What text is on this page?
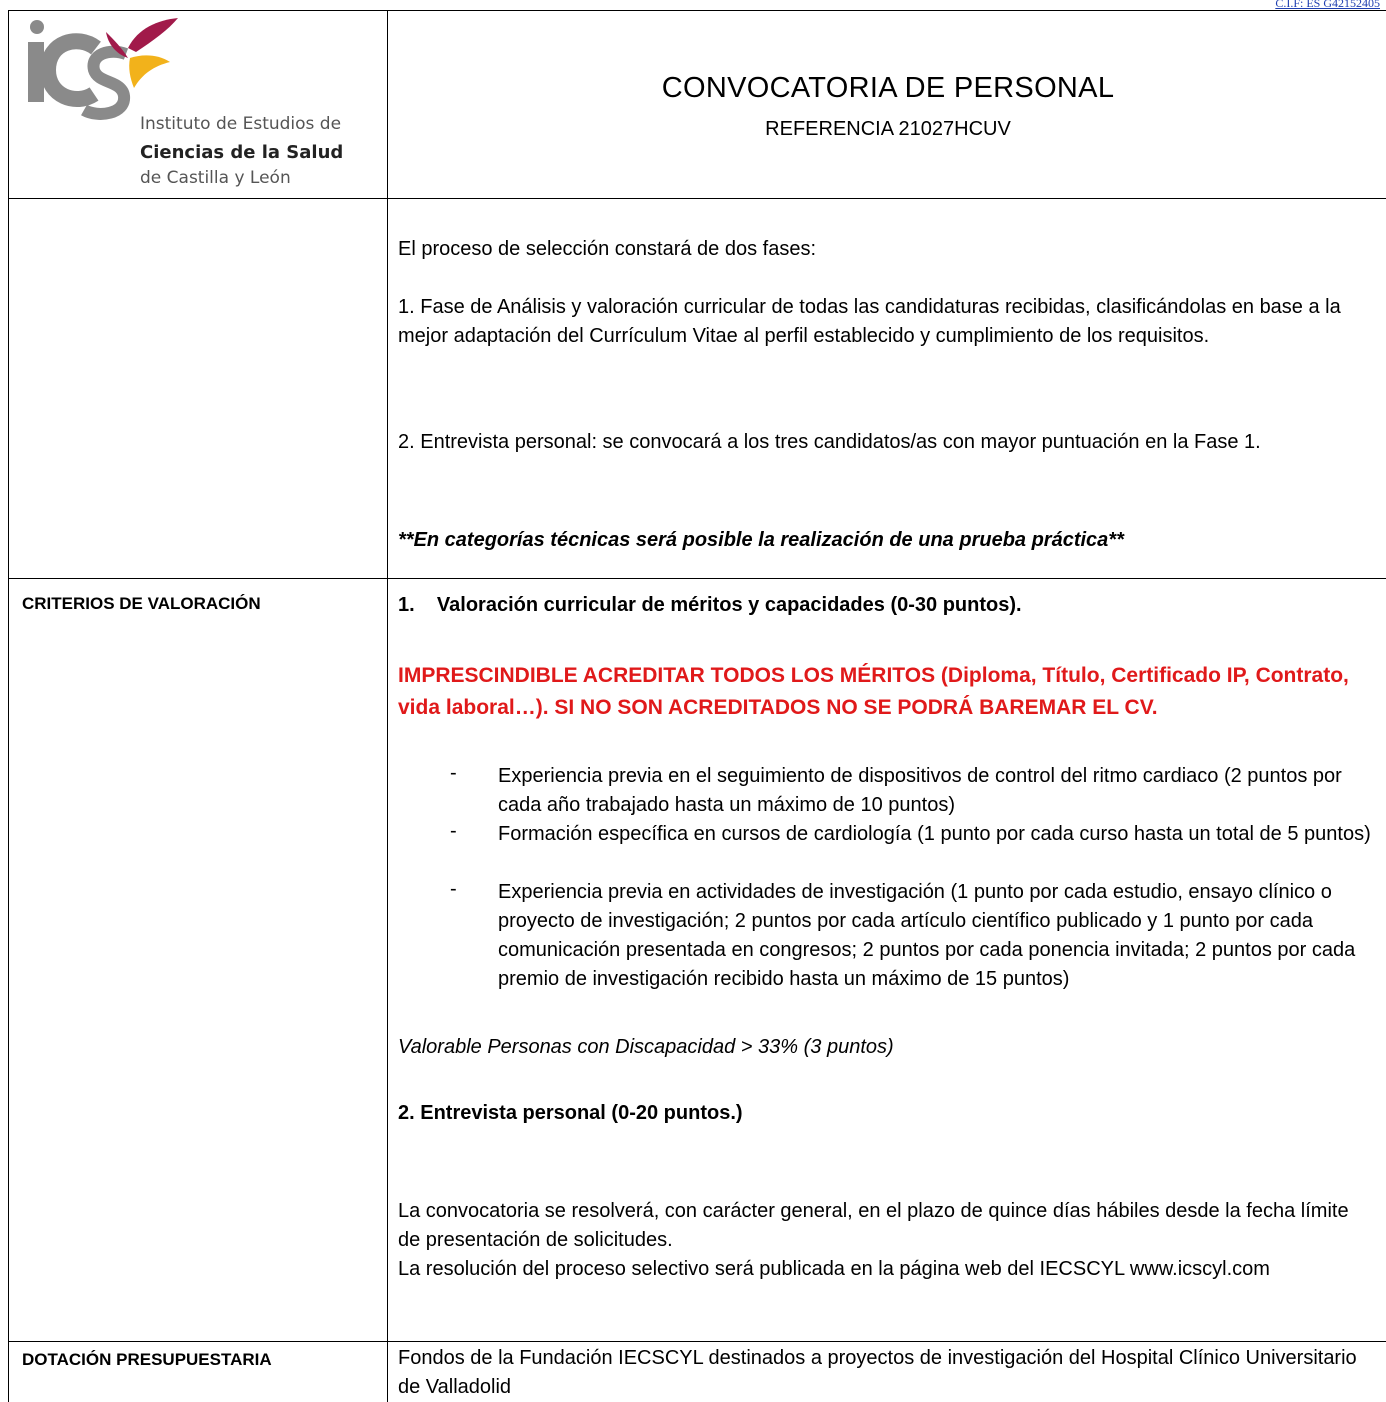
C.I.F: ES G42152405
Instituto de Estudios de
Ciencias de la Salud
de Castilla y León
CONVOCATORIA DE PERSONAL
REFERENCIA 21027HCUV

El proceso de selección constará de dos fases:

1. Fase de Análisis y valoración curricular de todas las candidaturas recibidas, clasificándolas en base a la mejor adaptación del Currículum Vitae al perfil establecido y cumplimiento de los requisitos.

2. Entrevista personal: se convocará a los tres candidatos/as con mayor puntuación en la Fase 1.

**En categorías técnicas será posible la realización de una prueba práctica**

CRITERIOS DE VALORACIÓN	1.    Valoración curricular de méritos y capacidades (0-30 puntos).

IMPRESCINDIBLE ACREDITAR TODOS LOS MÉRITOS (Diploma, Título, Certificado IP, Contrato, vida laboral…). SI NO SON ACREDITADOS NO SE PODRÁ BAREMAR EL CV.

- Experiencia previa en el seguimiento de dispositivos de control del ritmo cardiaco (2 puntos por cada año trabajado hasta un máximo de 10 puntos)

- Formación específica en cursos de cardiología (1 punto por cada curso hasta un total de 5 puntos)

- Experiencia previa en actividades de investigación (1 punto por cada estudio, ensayo clínico o proyecto de investigación; 2 puntos por cada artículo científico publicado y 1 punto por cada comunicación presentada en congresos; 2 puntos por cada ponencia invitada; 2 puntos por cada premio de investigación recibido hasta un máximo de 15 puntos)

Valorable Personas con Discapacidad > 33% (3 puntos)

2. Entrevista personal (0-20 puntos.)

La convocatoria se resolverá, con carácter general, en el plazo de quince días hábiles desde la fecha límite de presentación de solicitudes.

La resolución del proceso selectivo será publicada en la página web del IECSCYL www.icscyl.com

DOTACIÓN PRESUPUESTARIA	Fondos de la Fundación IECSCYL destinados a proyectos de investigación del Hospital Clínico Universitario de Valladolid
